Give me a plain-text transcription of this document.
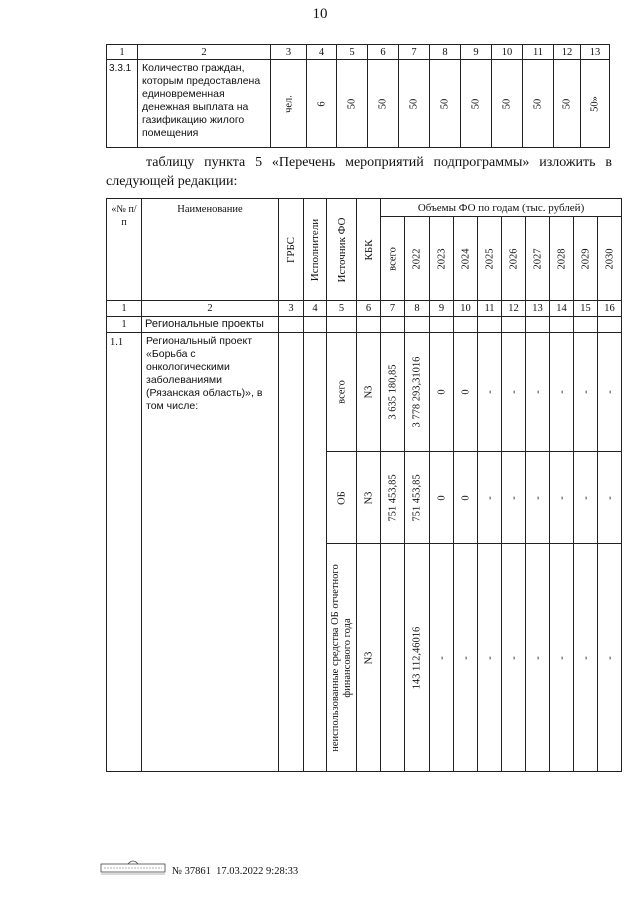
10
1	2	3	4	5	6	7	8	9	10	11	12	13
3.3.1	Количество граждан, которым предоставлена единовременная денежная выплата на газификацию жилого помещения	чел.	6	50	50	50	50	50	50	50	50	50»
таблицу пункта 5 «Перечень мероприятий подпрограммы» изложить в следующей редакции:
«№ п/п	Наименование	ГРБС	Исполнители	Источник ФО	КБК	Объемы ФО по годам (тыс. рублей)									

						всего	2022	2023	2024	2025	2026	2027	2028	2029	2030

1	2	3	4	5	6	7	8	9	10	11	12	13	14	15	16
1	Региональные проекты														
1.1	Региональный проект «Борьба с онкологическими заболеваниями (Рязанская область)», в том числе:			всего	N3	3 635 180,85	3 778 293,31016	0	0	-	-	-	-	-	-

				ОБ	N3	751 453,85	751 453,85	0	0	-	-	-	-	-	-

				неиспользованные средства ОБ отчетного финансового года	N3		143 112,46016	-	-	-	-	-	-	-	-
№ 37861 17.03.2022 9:28:33
